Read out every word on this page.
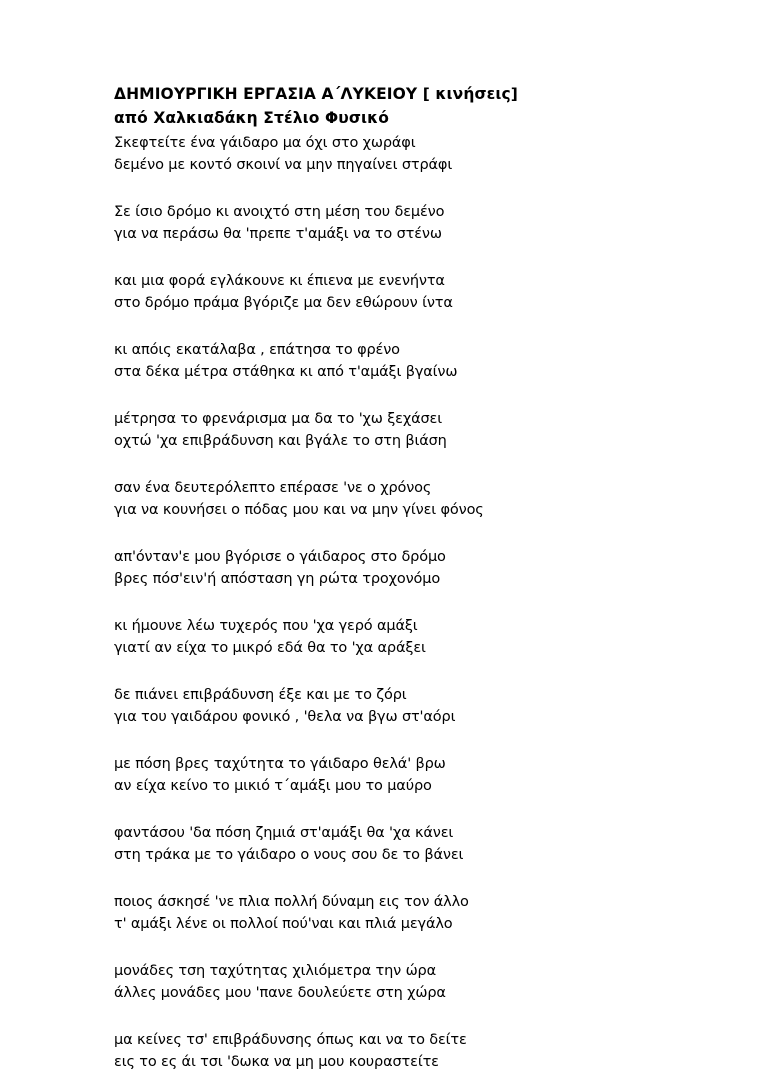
ΔΗΜΙΟΥΡΓΙΚΗ ΕΡΓΑΣΙΑ Α΄ΛΥΚΕΙΟΥ [ κινήσεις]
από Χαλκιαδάκη Στέλιο Φυσικό
Σκεφτείτε ένα γάιδαρο μα όχι στο χωράφι
δεμένο με κοντό σκοινί να μην πηγαίνει στράφι
Σε ίσιο δρόμο κι ανοιχτό στη μέση του δεμένο
για να περάσω θα 'πρεπε τ'αμάξι να το στένω
και μια φορά εγλάκουνε κι έπιενα με ενενήντα
στο δρόμο πράμα βγόριζε μα δεν εθώρουν ίντα
κι απόις εκατάλαβα , επάτησα το φρένο
στα δέκα μέτρα στάθηκα κι από τ'αμάξι βγαίνω
μέτρησα το φρενάρισμα μα δα το 'χω ξεχάσει
οχτώ 'χα επιβράδυνση και βγάλε το στη βιάση
σαν ένα δευτερόλεπτο επέρασε 'νε ο χρόνος
για να κουνήσει ο πόδας μου και να μην γίνει φόνος
απ'όνταν'ε μου βγόρισε ο γάιδαρος στο δρόμο
βρες πόσ'ειν'ή απόσταση γη ρώτα τροχονόμο
κι ήμουνε λέω τυχερός που 'χα γερό αμάξι
γιατί αν είχα το μικρό εδά θα το 'χα αράξει
δε πιάνει επιβράδυνση έξε και με το ζόρι
για του γαιδάρου φονικό , 'θελα να βγω στ'αόρι
με πόση βρες ταχύτητα το γάιδαρο θελά' βρω
αν είχα κείνο το μικιό τ΄αμάξι μου το μαύρο
φαντάσου 'δα πόση ζημιά στ'αμάξι θα 'χα κάνει
στη τράκα με το γάιδαρο ο νους σου δε το βάνει
ποιος άσκησέ 'νε πλια πολλή δύναμη εις τον άλλο
τ' αμάξι λένε οι πολλοί πού'ναι και πλιά μεγάλο
μονάδες τση ταχύτητας χιλιόμετρα την ώρα
άλλες μονάδες μου 'πανε δουλεύετε στη χώρα
μα κείνες τσ' επιβράδυνσης όπως και να το δείτε
εις το ες άι τσι 'δωκα να μη μου κουραστείτε
